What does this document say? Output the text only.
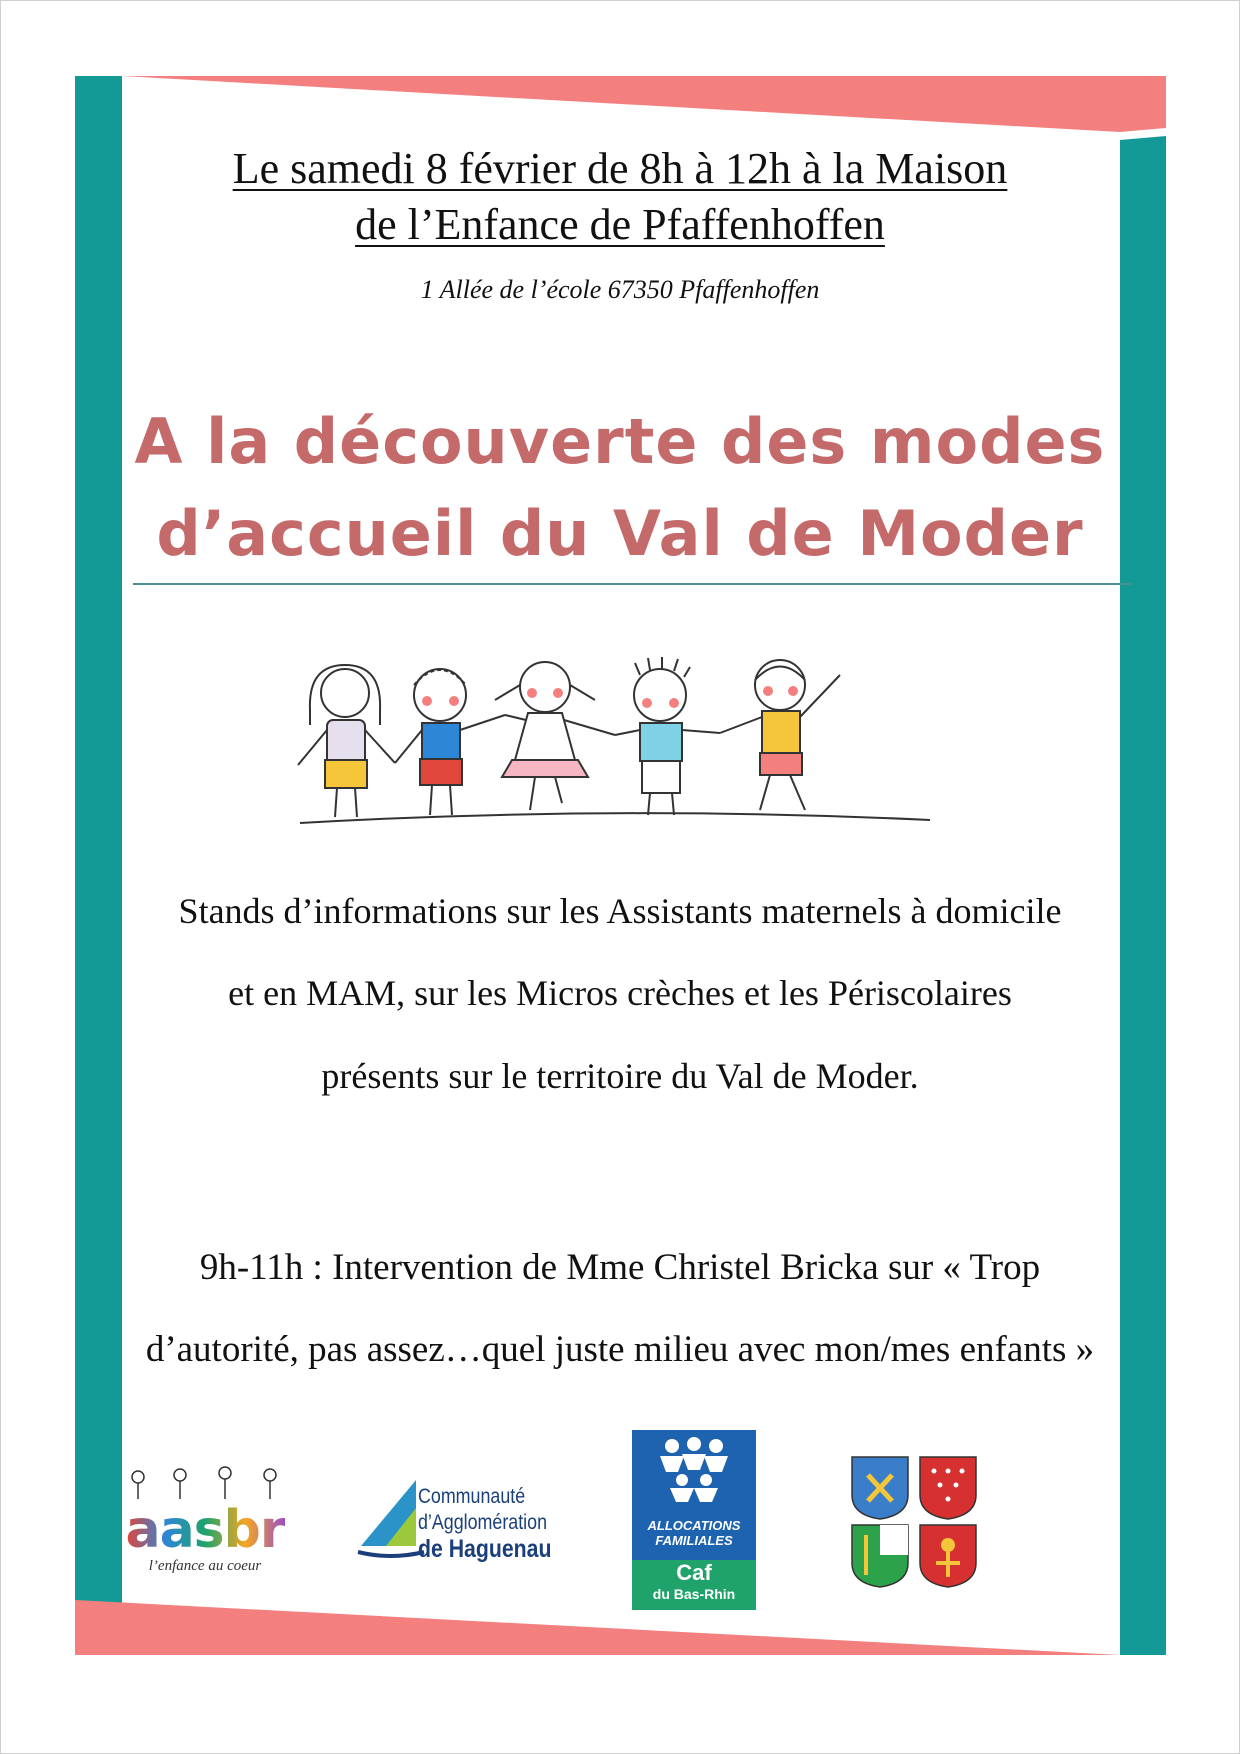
Le samedi 8 février de 8h à 12h à la Maison
de l’Enfance de Pfaffenhoffen
1 Allée de l’école 67350 Pfaffenhoffen
A la découverte des modes
d’accueil du Val de Moder
Stands d’informations sur les Assistants maternels à domicile
et en MAM, sur les Micros crèches et les Périscolaires
présents sur le territoire du Val de Moder.
9h-11h : Intervention de Mme Christel Bricka sur « Trop
d’autorité, pas assez…quel juste milieu avec mon/mes enfants »
aasbr
l’enfance au coeur
Communauté
d’Agglomération
de Haguenau
ALLOCATIONS
FAMILIALES
Caf
du Bas-Rhin
